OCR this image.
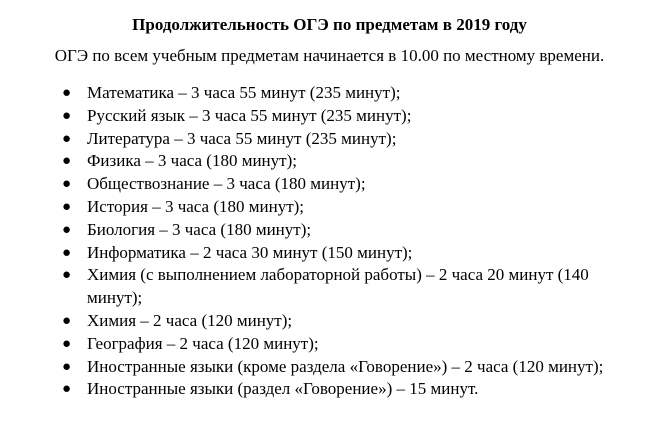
Продолжительность ОГЭ по предметам в 2019 году
ОГЭ по всем учебным предметам начинается в 10.00 по местному времени.
● Математика – 3 часа 55 минут (235 минут);
● Русский язык – 3 часа 55 минут (235 минут);
● Литература – 3 часа 55 минут (235 минут);
● Физика – 3 часа (180 минут);
● Обществознание – 3 часа (180 минут);
● История – 3 часа (180 минут);
● Биология – 3 часа (180 минут);
● Информатика – 2 часа 30 минут (150 минут);
● Химия (с выполнением лабораторной работы) – 2 часа 20 минут (140 минут);
● Химия – 2 часа (120 минут);
● География – 2 часа (120 минут);
● Иностранные языки (кроме раздела «Говорение») – 2 часа (120 минут);
● Иностранные языки (раздел «Говорение») – 15 минут.
